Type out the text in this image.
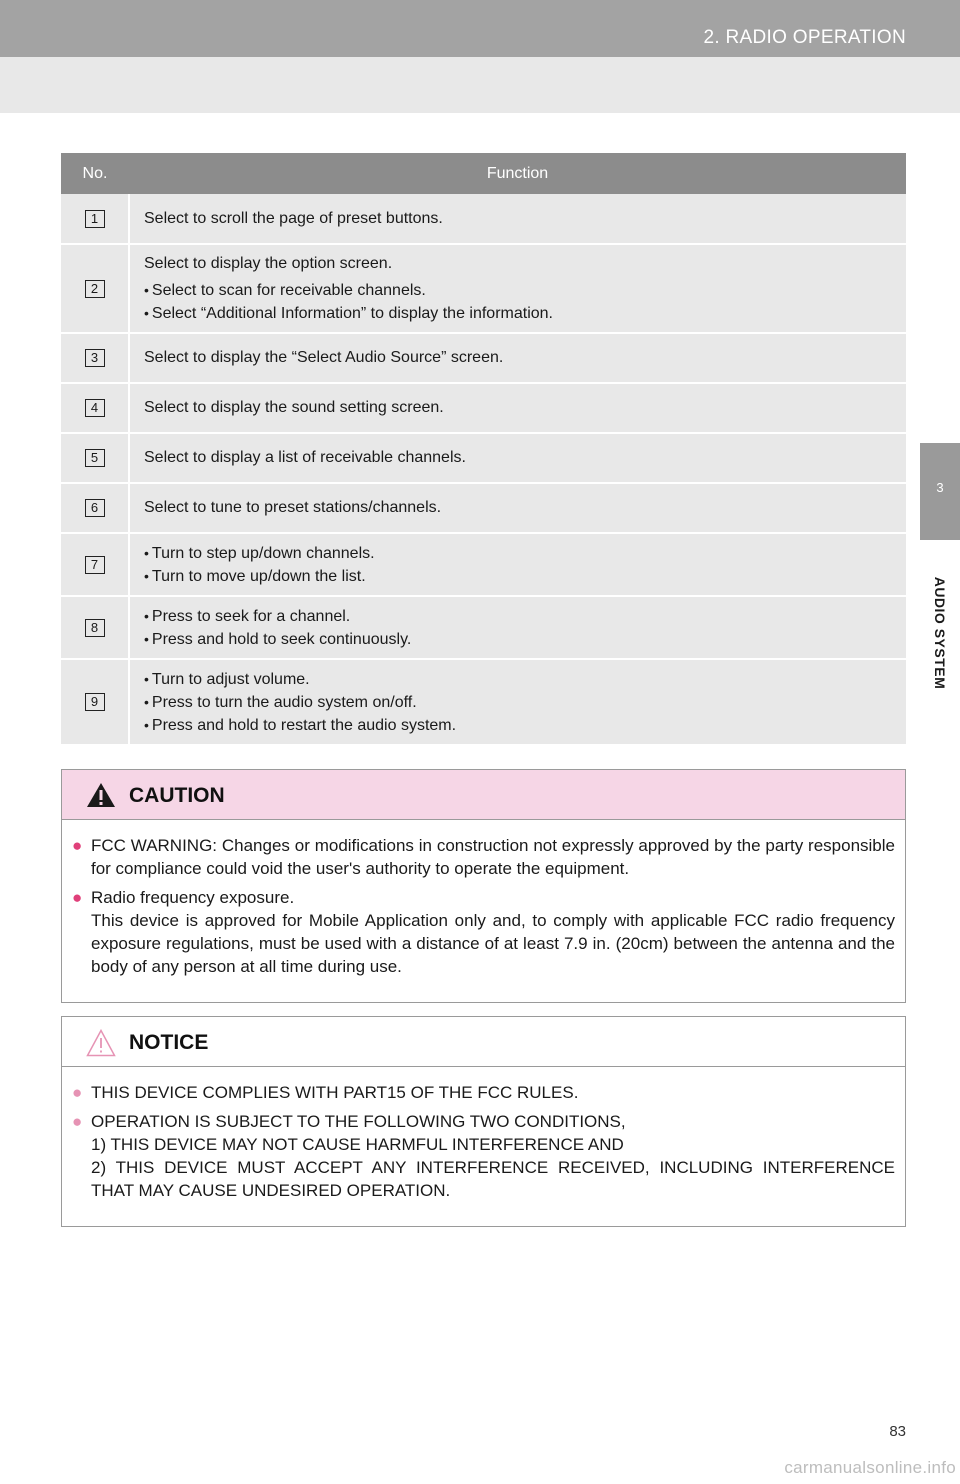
2. RADIO OPERATION
3
AUDIO SYSTEM
No.	Function

1	Select to scroll the page of preset buttons.

2	Select to display the option screen.
• Select to scan for receivable channels.
• Select “Additional Information” to display the information.

3	Select to display the “Select Audio Source” screen.

4	Select to display the sound setting screen.

5	Select to display a list of receivable channels.

6	Select to tune to preset stations/channels.

7	• Turn to step up/down channels.
• Turn to move up/down the list.

8	• Press to seek for a channel.
• Press and hold to seek continuously.

9	• Turn to adjust volume.
• Press to turn the audio system on/off.
• Press and hold to restart the audio system.
CAUTION
● FCC WARNING: Changes or modifications in construction not expressly approved by the party responsible for compliance could void the user's authority to operate the equipment.

● Radio frequency exposure.

This device is approved for Mobile Application only and, to comply with applicable FCC radio frequency exposure regulations, must be used with a distance of at least 7.9 in. (20cm) between the antenna and the body of any person at all time during use.

NOTICE
● THIS DEVICE COMPLIES WITH PART15 OF THE FCC RULES.

● OPERATION IS SUBJECT TO THE FOLLOWING TWO CONDITIONS,

1) THIS DEVICE MAY NOT CAUSE HARMFUL INTERFERENCE AND

2) THIS DEVICE MUST ACCEPT ANY INTERFERENCE RECEIVED, INCLUDING INTERFERENCE THAT MAY CAUSE UNDESIRED OPERATION.

83
carmanualsonline.info
